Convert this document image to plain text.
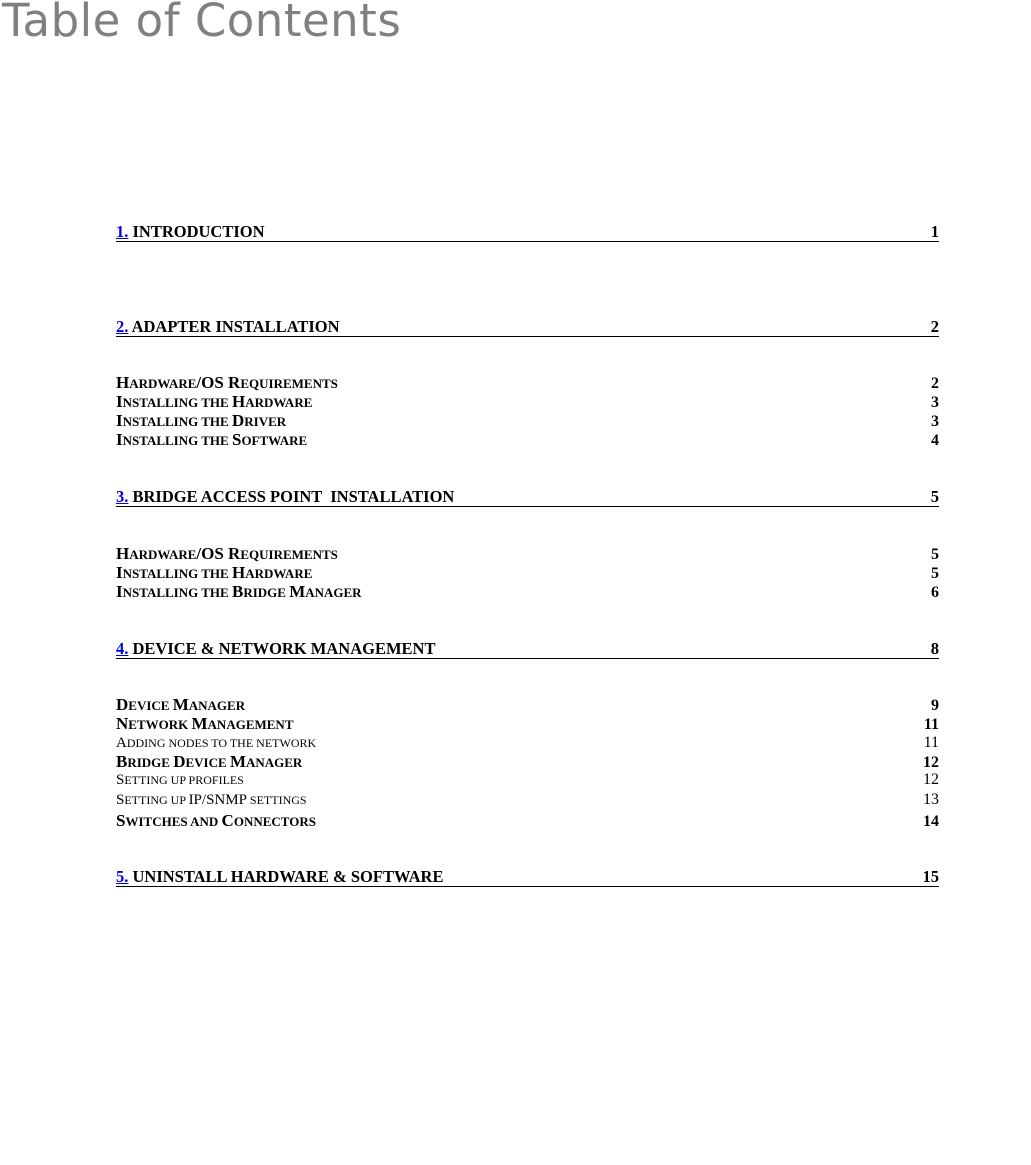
Table of Contents
1. INTRODUCTION	1
2. ADAPTER INSTALLATION	2
HARDWARE/OS REQUIREMENTS	2
INSTALLING THE HARDWARE	3
INSTALLING THE DRIVER	3
INSTALLING THE SOFTWARE	4
3. BRIDGE ACCESS POINT  INSTALLATION	5
HARDWARE/OS REQUIREMENTS	5
INSTALLING THE HARDWARE	5
INSTALLING THE BRIDGE MANAGER	6
4. DEVICE & NETWORK MANAGEMENT	8
DEVICE MANAGER	9
NETWORK MANAGEMENT	11
ADDING NODES TO THE NETWORK	11
BRIDGE DEVICE MANAGER	12
SETTING UP PROFILES	12
SETTING UP IP/SNMP SETTINGS	13
SWITCHES AND CONNECTORS	14
5. UNINSTALL HARDWARE & SOFTWARE	15
